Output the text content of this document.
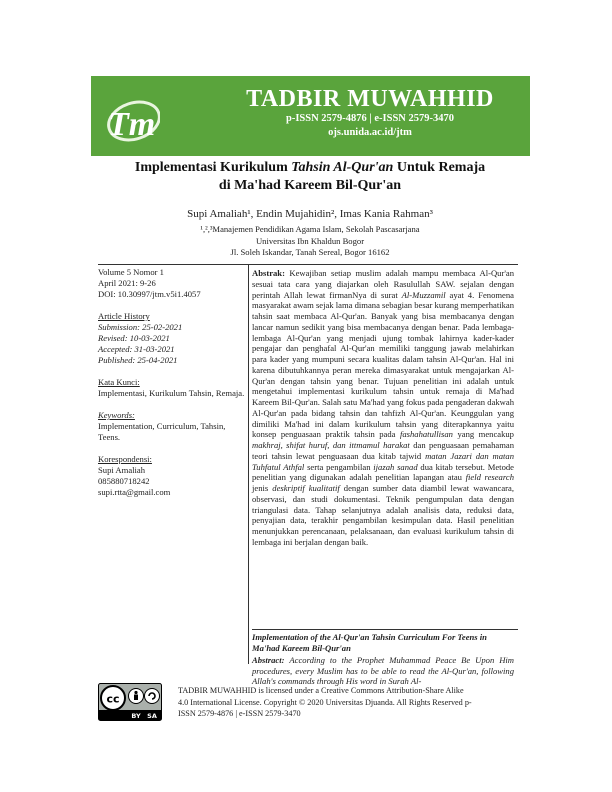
Tm
TADBIR MUWAHHID
p-ISSN 2579-4876 | e-ISSN 2579-3470
ojs.unida.ac.id/jtm
Implementasi Kurikulum Tahsin Al-Qur'an Untuk Remaja
di Ma'had Kareem Bil-Qur'an
Supi Amaliah¹, Endin Mujahidin², Imas Kania Rahman³
¹,²,³Manajemen Pendidikan Agama Islam, Sekolah Pascasarjana
Universitas Ibn Khaldun Bogor
Jl. Soleh Iskandar, Tanah Sereal, Bogor 16162

Volume 5 Nomor 1

April 2021: 9-26

DOI: 10.30997/jtm.v5i1.4057

Article History

Submission: 25-02-2021

Revised: 10-03-2021

Accepted: 31-03-2021

Published: 25-04-2021

Kata Kunci:

Implementasi, Kurikulum Tahsin, Remaja.

Keywords:

Implementation, Curriculum, Tahsin, Teens.

Korespondensi:

Supi Amaliah

085880718242

supi.rtta@gmail.com

Abstrak: Kewajiban setiap muslim adalah mampu membaca Al-Qur'an sesuai tata cara yang diajarkan oleh Rasulullah SAW. sejalan dengan perintah Allah lewat firmanNya di surat Al-Muzzamil ayat 4. Fenomena masyarakat awam sejak lama dimana sebagian besar kurang memperhatikan tahsin saat membaca Al-Qur'an. Banyak yang bisa membacanya dengan lancar namun sedikit yang bisa membacanya dengan benar. Pada lembaga-lembaga Al-Qur'an yang menjadi ujung tombak lahirnya kader-kader pengajar dan penghafal Al-Qur'an memiliki tanggung jawab melahirkan para kader yang mumpuni secara kualitas dalam tahsin Al-Qur'an. Hal ini karena dibutuhkannya peran mereka dimasyarakat untuk mengajarkan Al-Qur'an dengan tahsin yang benar. Tujuan penelitian ini adalah untuk mengetahui implementasi kurikulum tahsin untuk remaja di Ma'had Kareem Bil-Qur'an. Salah satu Ma'had yang fokus pada pengaderan dakwah Al-Qur'an pada bidang tahsin dan tahfizh Al-Qur'an. Keunggulan yang dimiliki Ma'had ini dalam kurikulum tahsin yang diterapkannya yaitu konsep penguasaan praktik tahsin pada fashahatullisan yang mencakup makhraj, shifat huruf, dan ittmamul harakat dan penguasaan pemahaman teori tahsin lewat penguasaan dua kitab tajwid matan Jazari dan matan Tuhfatul Athfal serta pengambilan ijazah sanad dua kitab tersebut. Metode penelitian yang digunakan adalah penelitian lapangan atau field research jenis deskriptif kualitatif dengan sumber data diambil lewat wawancara, observasi, dan studi dokumentasi. Teknik pengumpulan data dengan triangulasi data. Tahap selanjutnya adalah analisis data, reduksi data, penyajian data, terakhir pengambilan kesimpulan data. Hasil penelitian menunjukkan perencanaan, pelaksanaan, dan evaluasi kurikulum tahsin di lembaga ini berjalan dengan baik.
Implementation of the Al-Qur'an Tahsin Curriculum For Teens in Ma'had Kareem Bil-Qur'an
Abstract: According to the Prophet Muhammad Peace Be Upon Him procedures, every Muslim has to be able to read the Al-Qur'an, following Allah's commands through His word in Surah Al-
cc
BY SA
TADBIR MUWAHHID is licensed under a Creative Commons Attribution-Share Alike
4.0 International License. Copyright © 2020 Universitas Djuanda. All Rights Reserved p-
ISSN 2579-4876 | e-ISSN 2579-3470
